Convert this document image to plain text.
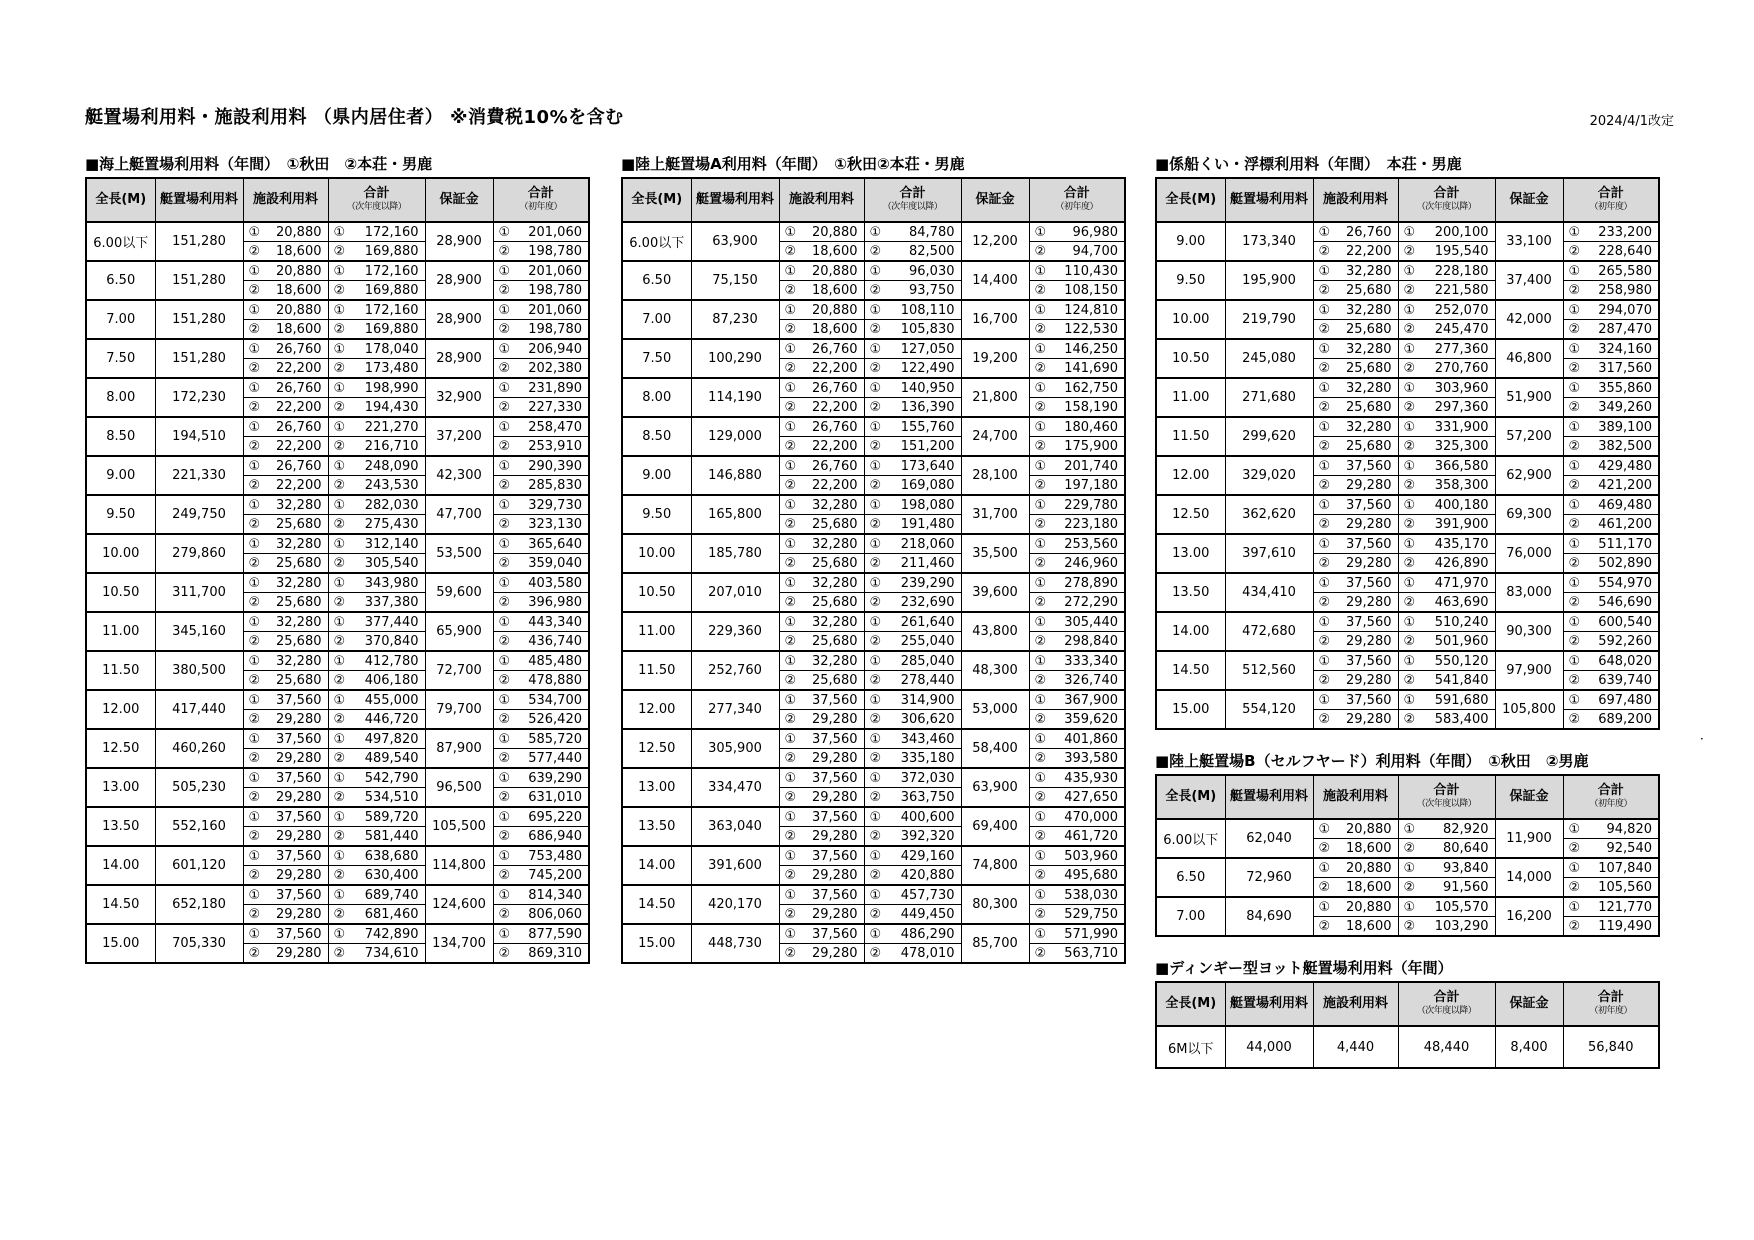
艇置場利用料・施設利用料 （県内居住者） ※消費税10%を含む	2024/4/1改定
■海上艇置場利用料（年間）　①秋田　②本荘・男鹿
全長(M)	艇置場利用料	施設利用料	合計
（次年度以降）	保証金	合計
（初年度）

6.00以下	151,280	① 20,880	① 172,160	28,900	① 201,060

		② 18,600	② 169,880		② 198,780

6.50	151,280	① 20,880	① 172,160	28,900	① 201,060

		② 18,600	② 169,880		② 198,780

7.00	151,280	① 20,880	① 172,160	28,900	① 201,060

		② 18,600	② 169,880		② 198,780

7.50	151,280	① 26,760	① 178,040	28,900	① 206,940

		② 22,200	② 173,480		② 202,380

8.00	172,230	① 26,760	① 198,990	32,900	① 231,890

		② 22,200	② 194,430		② 227,330

8.50	194,510	① 26,760	① 221,270	37,200	① 258,470

		② 22,200	② 216,710		② 253,910

9.00	221,330	① 26,760	① 248,090	42,300	① 290,390

		② 22,200	② 243,530		② 285,830

9.50	249,750	① 32,280	① 282,030	47,700	① 329,730

		② 25,680	② 275,430		② 323,130

10.00	279,860	① 32,280	① 312,140	53,500	① 365,640

		② 25,680	② 305,540		② 359,040

10.50	311,700	① 32,280	① 343,980	59,600	① 403,580

		② 25,680	② 337,380		② 396,980

11.00	345,160	① 32,280	① 377,440	65,900	① 443,340

		② 25,680	② 370,840		② 436,740

11.50	380,500	① 32,280	① 412,780	72,700	① 485,480

		② 25,680	② 406,180		② 478,880

12.00	417,440	① 37,560	① 455,000	79,700	① 534,700

		② 29,280	② 446,720		② 526,420

12.50	460,260	① 37,560	① 497,820	87,900	① 585,720

		② 29,280	② 489,540		② 577,440

13.00	505,230	① 37,560	① 542,790	96,500	① 639,290

		② 29,280	② 534,510		② 631,010

13.50	552,160	① 37,560	① 589,720	105,500	① 695,220

		② 29,280	② 581,440		② 686,940

14.00	601,120	① 37,560	① 638,680	114,800	① 753,480

		② 29,280	② 630,400		② 745,200

14.50	652,180	① 37,560	① 689,740	124,600	① 814,340

		② 29,280	② 681,460		② 806,060

15.00	705,330	① 37,560	① 742,890	134,700	① 877,590

		② 29,280	② 734,610		② 869,310
■陸上艇置場A利用料（年間）　①秋田②本荘・男鹿
全長(M)	艇置場利用料	施設利用料	合計
（次年度以降）	保証金	合計
（初年度）

6.00以下	63,900	① 20,880	① 84,780	12,200	① 96,980

		② 18,600	② 82,500		② 94,700

6.50	75,150	① 20,880	① 96,030	14,400	① 110,430

		② 18,600	② 93,750		② 108,150

7.00	87,230	① 20,880	① 108,110	16,700	① 124,810

		② 18,600	② 105,830		② 122,530

7.50	100,290	① 26,760	① 127,050	19,200	① 146,250

		② 22,200	② 122,490		② 141,690

8.00	114,190	① 26,760	① 140,950	21,800	① 162,750

		② 22,200	② 136,390		② 158,190

8.50	129,000	① 26,760	① 155,760	24,700	① 180,460

		② 22,200	② 151,200		② 175,900

9.00	146,880	① 26,760	① 173,640	28,100	① 201,740

		② 22,200	② 169,080		② 197,180

9.50	165,800	① 32,280	① 198,080	31,700	① 229,780

		② 25,680	② 191,480		② 223,180

10.00	185,780	① 32,280	① 218,060	35,500	① 253,560

		② 25,680	② 211,460		② 246,960

10.50	207,010	① 32,280	① 239,290	39,600	① 278,890

		② 25,680	② 232,690		② 272,290

11.00	229,360	① 32,280	① 261,640	43,800	① 305,440

		② 25,680	② 255,040		② 298,840

11.50	252,760	① 32,280	① 285,040	48,300	① 333,340

		② 25,680	② 278,440		② 326,740

12.00	277,340	① 37,560	① 314,900	53,000	① 367,900

		② 29,280	② 306,620		② 359,620

12.50	305,900	① 37,560	① 343,460	58,400	① 401,860

		② 29,280	② 335,180		② 393,580

13.00	334,470	① 37,560	① 372,030	63,900	① 435,930

		② 29,280	② 363,750		② 427,650

13.50	363,040	① 37,560	① 400,600	69,400	① 470,000

		② 29,280	② 392,320		② 461,720

14.00	391,600	① 37,560	① 429,160	74,800	① 503,960

		② 29,280	② 420,880		② 495,680

14.50	420,170	① 37,560	① 457,730	80,300	① 538,030

		② 29,280	② 449,450		② 529,750

15.00	448,730	① 37,560	① 486,290	85,700	① 571,990

		② 29,280	② 478,010		② 563,710
■係船くい・浮標利用料（年間）　本荘・男鹿
全長(M)	艇置場利用料	施設利用料	合計
（次年度以降）	保証金	合計
（初年度）

9.00	173,340	① 26,760	① 200,100	33,100	① 233,200

		② 22,200	② 195,540		② 228,640

9.50	195,900	① 32,280	① 228,180	37,400	① 265,580

		② 25,680	② 221,580		② 258,980

10.00	219,790	① 32,280	① 252,070	42,000	① 294,070

		② 25,680	② 245,470		② 287,470

10.50	245,080	① 32,280	① 277,360	46,800	① 324,160

		② 25,680	② 270,760		② 317,560

11.00	271,680	① 32,280	① 303,960	51,900	① 355,860

		② 25,680	② 297,360		② 349,260

11.50	299,620	① 32,280	① 331,900	57,200	① 389,100

		② 25,680	② 325,300		② 382,500

12.00	329,020	① 37,560	① 366,580	62,900	① 429,480

		② 29,280	② 358,300		② 421,200

12.50	362,620	① 37,560	① 400,180	69,300	① 469,480

		② 29,280	② 391,900		② 461,200

13.00	397,610	① 37,560	① 435,170	76,000	① 511,170

		② 29,280	② 426,890		② 502,890

13.50	434,410	① 37,560	① 471,970	83,000	① 554,970

		② 29,280	② 463,690		② 546,690

14.00	472,680	① 37,560	① 510,240	90,300	① 600,540

		② 29,280	② 501,960		② 592,260

14.50	512,560	① 37,560	① 550,120	97,900	① 648,020

		② 29,280	② 541,840		② 639,740

15.00	554,120	① 37,560	① 591,680	105,800	① 697,480

		② 29,280	② 583,400		② 689,200
■陸上艇置場B（セルフヤード）利用料（年間）　①秋田　②男鹿
全長(M)	艇置場利用料	施設利用料	合計
（次年度以降）	保証金	合計
（初年度）

6.00以下	62,040	① 20,880	① 82,920	11,900	① 94,820

		② 18,600	② 80,640		② 92,540

6.50	72,960	① 20,880	① 93,840	14,000	① 107,840

		② 18,600	② 91,560		② 105,560

7.00	84,690	① 20,880	① 105,570	16,200	① 121,770

		② 18,600	② 103,290		② 119,490
■ディンギー型ヨット艇置場利用料（年間）
全長(M)	艇置場利用料	施設利用料	合計
（次年度以降）	保証金	合計
（初年度）

6M以下	44,000	4,440	48,440	8,400	56,840
．
